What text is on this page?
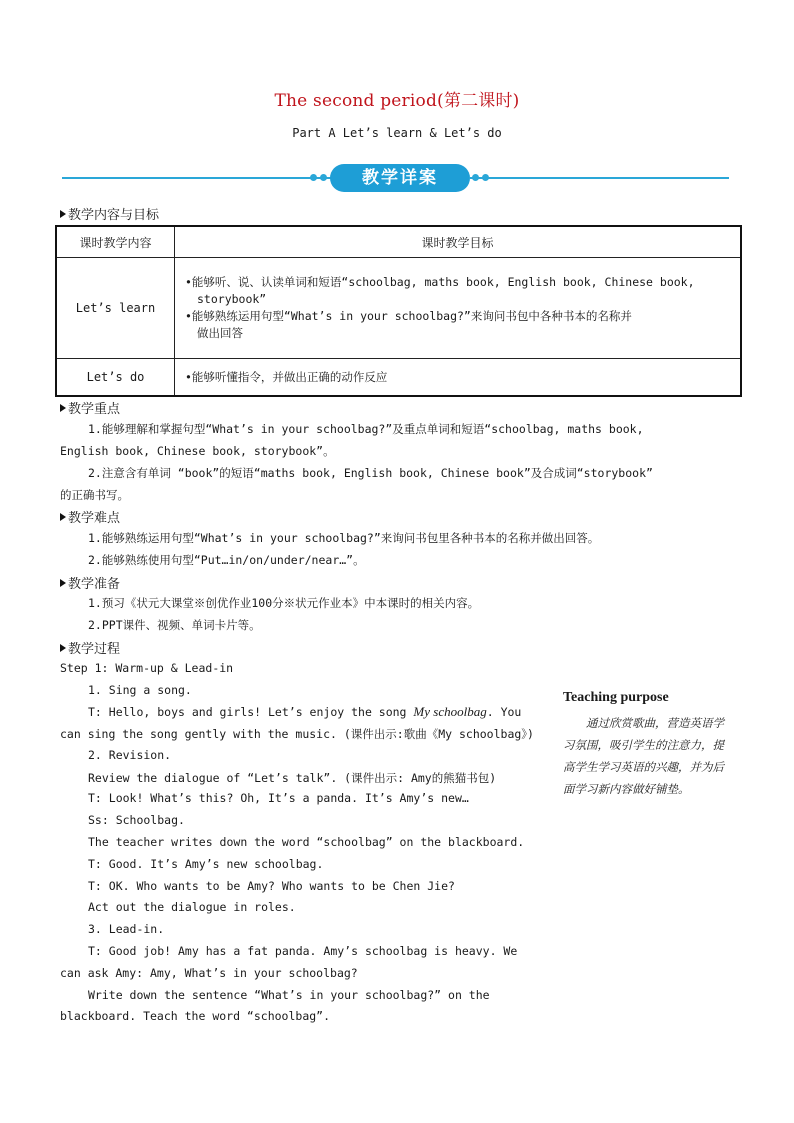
The second period(第二课时)
Part A Let’s learn & Let’s do
教学详案
教学内容与目标
课时教学内容	课时教学目标
Let’s learn	•能够听、说、认读单词和短语“schoolbag, maths book, English book, Chinese book,
storybook”
•能够熟练运用句型“What’s in your schoolbag?”来询问书包中各种书本的名称并
做出回答

Let’s do	•能够听懂指令，并做出正确的动作反应
教学重点
1.能够理解和掌握句型“What’s in your schoolbag?”及重点单词和短语“schoolbag, maths book,
English book, Chinese book, storybook”。
2.注意含有单词 “book”的短语“maths book, English book, Chinese book”及合成词“storybook”
的正确书写。
教学难点
1.能够熟练运用句型“What’s in your schoolbag?”来询问书包里各种书本的名称并做出回答。
2.能够熟练使用句型“Put…in/on/under/near…”。
教学准备
1.预习《状元大课堂※创优作业100分※状元作业本》中本课时的相关内容。
2.PPT课件、视频、单词卡片等。
教学过程
Step 1: Warm-up & Lead-in
1. Sing a song.
T: Hello, boys and girls! Let’s enjoy the song My schoolbag. You
can sing the song gently with the music. (课件出示:歌曲《My schoolbag》)
2. Revision.
Review the dialogue of “Let’s talk”. (课件出示: Amy的熊猫书包)
T: Look! What’s this? Oh, It’s a panda. It’s Amy’s new…
Ss: Schoolbag.
The teacher writes down the word “schoolbag” on the blackboard.
T: Good. It’s Amy’s new schoolbag.
T: OK. Who wants to be Amy? Who wants to be Chen Jie?
Act out the dialogue in roles.
3. Lead-in.
T: Good job! Amy has a fat panda. Amy’s schoolbag is heavy. We
can ask Amy: Amy, What’s in your schoolbag?
Write down the sentence “What’s in your schoolbag?” on the
blackboard. Teach the word “schoolbag”.
Teaching purpose
通过欣赏歌曲，营造英语学习氛围，吸引学生的注意力，提高学生学习英语的兴趣，并为后面学习新内容做好铺垫。
